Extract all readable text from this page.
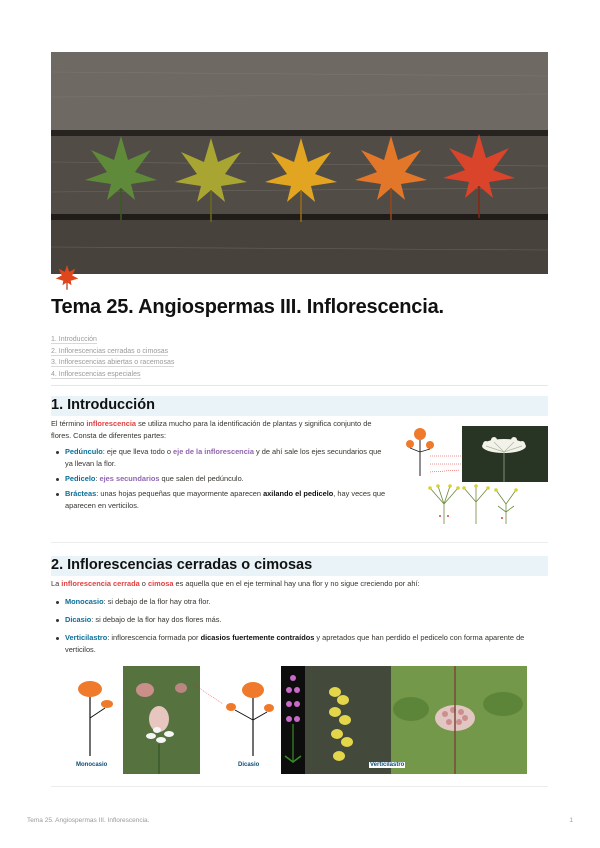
Tema 25. Angiospermas III. Inflorescencia.
1. Introducción
2. Inflorescencias cerradas o cimosas
3. Inflorescencias abiertas o racemosas
4. Inflorescencias especiales
1. Introducción

El término inflorescencia se utiliza mucho para la identificación de plantas y significa conjunto de flores. Consta de diferentes partes:

Pedúnculo: eje que lleva todo o eje de la inflorescencia y de ahí sale los ejes secundarios que ya llevan la flor.
Pedicelo: ejes secundarios que salen del pedúnculo.
Brácteas: unas hojas pequeñas que mayormente aparecen axilando el pedicelo, hay veces que aparecen en verticilos.
2. Inflorescencias cerradas o cimosas

La inflorescencia cerrada o cimosa es aquella que en el eje terminal hay una flor y no sigue creciendo por ahí:

Monocasio: si debajo de la flor hay otra flor.
Dicasio: si debajo de la flor hay dos flores más.
Verticilastro: inflorescencia formada por dicasios fuertemente contraídos y apretados que han perdido el pedicelo con forma aparente de verticilos.
Monocasio	Dicasio	Verticilastro
Tema 25. Angiospermas III. Inflorescencia.	1
